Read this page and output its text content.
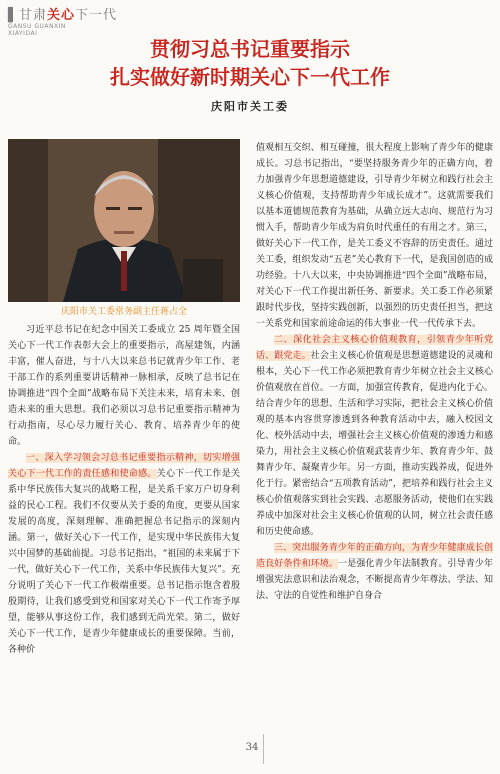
▌甘肃关心下一代
GANSU GUANXIN
XIAYIDAI
贯彻习总书记重要指示
扎实做好新时期关心下一代工作
庆阳市关工委
庆阳市关工委常务副主任蒋占全

习近平总书记在纪念中国关工委成立 25 周年暨全国关心下一代工作表彰大会上的重要指示，高屋建瓴，内涵丰富，催人奋进，与十八大以来总书记就青少年工作、老干部工作的系列重要讲话精神一脉相承，反映了总书记在协调推进“四个全面”战略布局下关注未来，培育未来、创造未来的重大思想。我们必须以习总书记重要指示精神为行动指南，尽心尽力履行关心、教育、培养青少年的使命。

一、深入学习领会习总书记重要指示精神，切实增强关心下一代工作的责任感和使命感。关心下一代工作是关系中华民族伟大复兴的战略工程，是关系千家万户切身利益的民心工程。我们不仅要从关于委的角度，更要从国家发展的高度，深刻理解、准确把握总书记指示的深刻内涵。第一，做好关心下一代工作，是实现中华民族伟大复兴中国梦的基础前提。习总书记指出，“祖国的未来属于下一代，做好关心下一代工作，关系中华民族伟大复兴”。充分说明了关心下一代工作极端重要。总书记指示饱含着殷殷期待，让我们感受到党和国家对关心下一代工作寄予厚望，能够从事这份工作，我们感到无尚光荣。第二，做好关心下一代工作，是青少年健康成长的重要保障。当前，各种价

值观相互交织、相互碰撞，很大程度上影响了青少年的健康成长。习总书记指出，“要坚持服务青少年的正确方向，着力加强青少年思想道德建设，引导青少年树立和践行社会主义核心价值观，支持帮助青少年成长成才”。这就需要我们以基本道德规范教育为基础，从确立远大志向、规范行为习惯入手，帮助青少年成为肩负时代重任的有用之才。第三，做好关心下一代工作，是关工委义不容辞的历史责任。通过关工委，组织发动“五老”关心教育下一代，是我国创造的成功经验。十八大以来，中央协调推进“四个全面”战略布局，对关心下一代工作提出新任务、新要求。关工委工作必须紧跟时代步伐，坚持实践创新，以强烈的历史责任担当，把这一关系党和国家前途命运的伟大事业一代一代传承下去。

二、深化社会主义核心价值观教育，引领青少年听党话、跟党走。社会主义核心价值观是思想道德建设的灵魂和根本，关心下一代工作必须把教育青少年树立社会主义核心价值观放在首位。一方面，加强宣传教育，促进内化于心。结合青少年的思想、生活和学习实际，把社会主义核心价值观的基本内容贯穿渗透到各种教育活动中去，融入校园文化、校外活动中去，增强社会主义核心价值观的渗透力和感染力，用社会主义核心价值观武装青少年、教育青少年、鼓舞青少年、凝聚青少年。另一方面，推动实践养成，促进外化于行。紧密结合“五项教育活动”，把培养和践行社会主义核心价值观落实到社会实践、志愿服务活动，使他们在实践养成中加深对社会主义核心价值观的认同，树立社会责任感和历史使命感。

三、突出服务青少年的正确方向，为青少年健康成长创造良好条件和环境。一是强化青少年法制教育。引导青少年增强宪法意识和法治观念，不断提高青少年尊法、学法、知法、守法的自觉性和维护自身合

34
